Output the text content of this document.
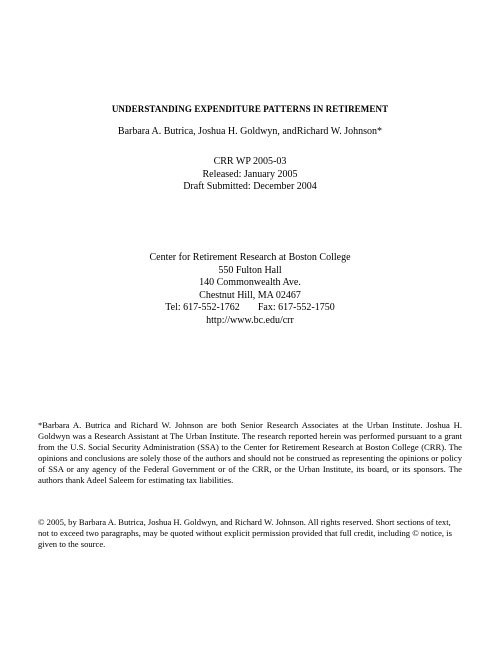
UNDERSTANDING EXPENDITURE PATTERNS IN RETIREMENT
Barbara A. Butrica, Joshua H. Goldwyn, andRichard W. Johnson*
CRR WP 2005-03
Released: January 2005
Draft Submitted: December 2004
Center for Retirement Research at Boston College
550 Fulton Hall
140 Commonwealth Ave.
Chestnut Hill, MA 02467
Tel: 617-552-1762 Fax: 617-552-1750
http://www.bc.edu/crr
*Barbara A. Butrica and Richard W. Johnson are both Senior Research Associates at the Urban Institute. Joshua H. Goldwyn was a Research Assistant at The Urban Institute. The research reported herein was performed pursuant to a grant from the U.S. Social Security Administration (SSA) to the Center for Retirement Research at Boston College (CRR). The opinions and conclusions are solely those of the authors and should not be construed as representing the opinions or policy of SSA or any agency of the Federal Government or of the CRR, or the Urban Institute, its board, or its sponsors. The authors thank Adeel Saleem for estimating tax liabilities.
© 2005, by Barbara A. Butrica, Joshua H. Goldwyn, and Richard W. Johnson. All rights reserved. Short sections of text, not to exceed two paragraphs, may be quoted without explicit permission provided that full credit, including © notice, is given to the source.
